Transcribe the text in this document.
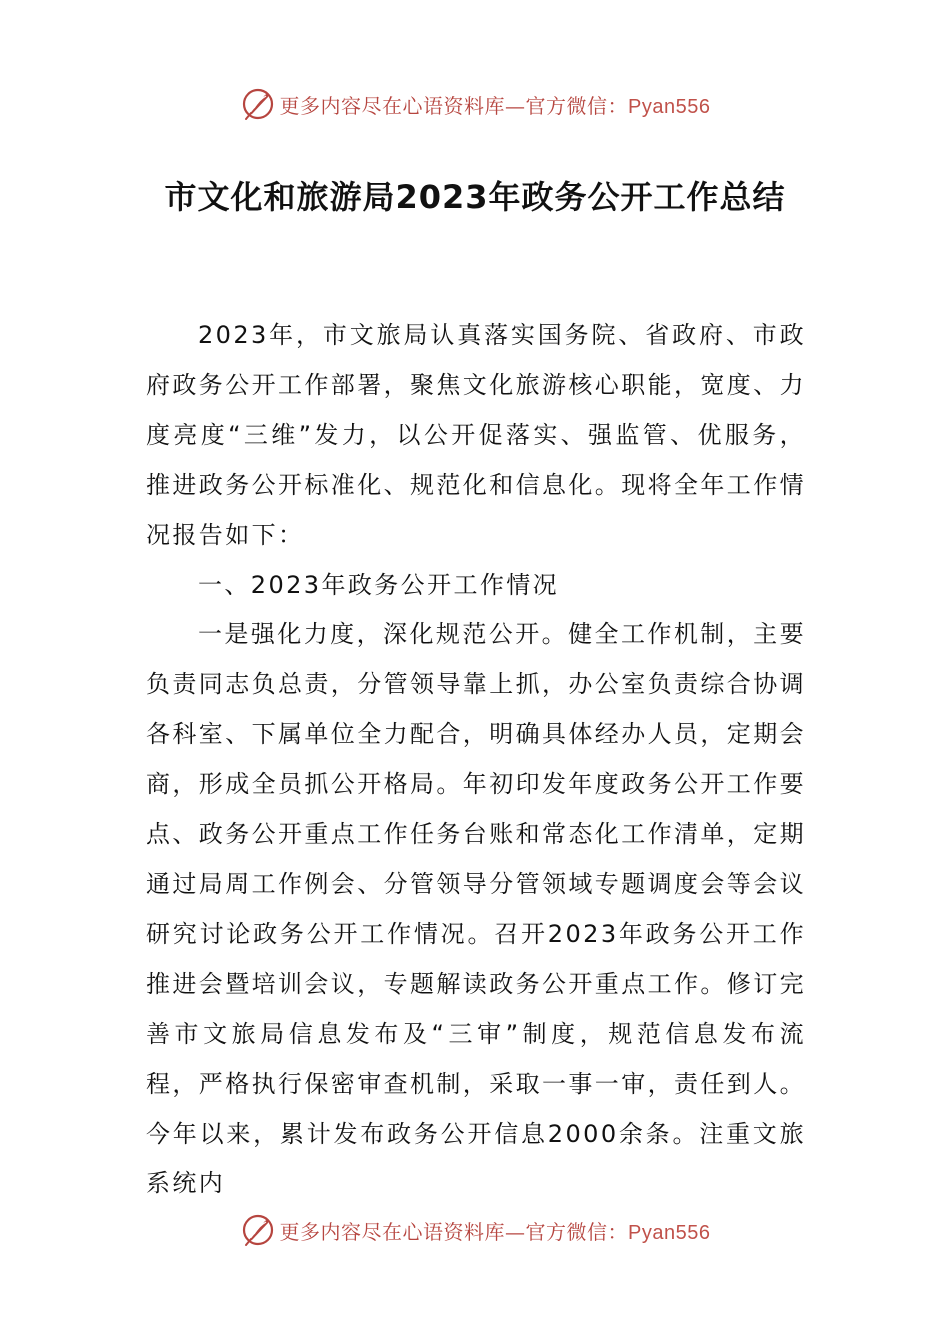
更多内容尽在心语资料库—官方微信：Pyan556
市文化和旅游局2023年政务公开工作总结

2023年，市文旅局认真落实国务院、省政府、市政府政务公开工作部署，聚焦文化旅游核心职能，宽度、力度亮度“三维”发力，以公开促落实、强监管、优服务，推进政务公开标准化、规范化和信息化。现将全年工作情况报告如下：

一、2023年政务公开工作情况

一是强化力度，深化规范公开。健全工作机制，主要负责同志负总责，分管领导靠上抓，办公室负责综合协调各科室、下属单位全力配合，明确具体经办人员，定期会商，形成全员抓公开格局。年初印发年度政务公开工作要点、政务公开重点工作任务台账和常态化工作清单，定期通过局周工作例会、分管领导分管领域专题调度会等会议研究讨论政务公开工作情况。召开2023年政务公开工作推进会暨培训会议，专题解读政务公开重点工作。修订完善市文旅局信息发布及“三审”制度，规范信息发布流程，严格执行保密审查机制，采取一事一审，责任到人。今年以来，累计发布政务公开信息2000余条。注重文旅系统内

更多内容尽在心语资料库—官方微信：Pyan556
